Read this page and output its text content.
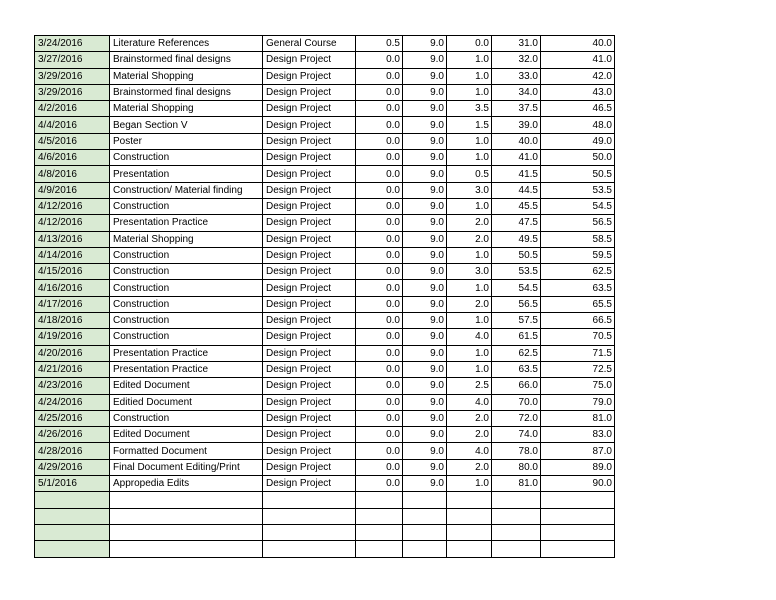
3/24/2016	Literature References	General Course	0.5	9.0	0.0	31.0	40.0
3/27/2016	Brainstormed final designs	Design Project	0.0	9.0	1.0	32.0	41.0
3/29/2016	Material Shopping	Design Project	0.0	9.0	1.0	33.0	42.0
3/29/2016	Brainstormed final designs	Design Project	0.0	9.0	1.0	34.0	43.0
4/2/2016	Material Shopping	Design Project	0.0	9.0	3.5	37.5	46.5
4/4/2016	Began Section V	Design Project	0.0	9.0	1.5	39.0	48.0
4/5/2016	Poster	Design Project	0.0	9.0	1.0	40.0	49.0
4/6/2016	Construction	Design Project	0.0	9.0	1.0	41.0	50.0
4/8/2016	Presentation	Design Project	0.0	9.0	0.5	41.5	50.5
4/9/2016	Construction/ Material finding	Design Project	0.0	9.0	3.0	44.5	53.5
4/12/2016	Construction	Design Project	0.0	9.0	1.0	45.5	54.5
4/12/2016	Presentation Practice	Design Project	0.0	9.0	2.0	47.5	56.5
4/13/2016	Material Shopping	Design Project	0.0	9.0	2.0	49.5	58.5
4/14/2016	Construction	Design Project	0.0	9.0	1.0	50.5	59.5
4/15/2016	Construction	Design Project	0.0	9.0	3.0	53.5	62.5
4/16/2016	Construction	Design Project	0.0	9.0	1.0	54.5	63.5
4/17/2016	Construction	Design Project	0.0	9.0	2.0	56.5	65.5
4/18/2016	Construction	Design Project	0.0	9.0	1.0	57.5	66.5
4/19/2016	Construction	Design Project	0.0	9.0	4.0	61.5	70.5
4/20/2016	Presentation Practice	Design Project	0.0	9.0	1.0	62.5	71.5
4/21/2016	Presentation Practice	Design Project	0.0	9.0	1.0	63.5	72.5
4/23/2016	Edited Document	Design Project	0.0	9.0	2.5	66.0	75.0
4/24/2016	Editied Document	Design Project	0.0	9.0	4.0	70.0	79.0
4/25/2016	Construction	Design Project	0.0	9.0	2.0	72.0	81.0
4/26/2016	Edited Document	Design Project	0.0	9.0	2.0	74.0	83.0
4/28/2016	Formatted Document	Design Project	0.0	9.0	4.0	78.0	87.0
4/29/2016	Final Document Editing/Print	Design Project	0.0	9.0	2.0	80.0	89.0
5/1/2016	Appropedia Edits	Design Project	0.0	9.0	1.0	81.0	90.0
